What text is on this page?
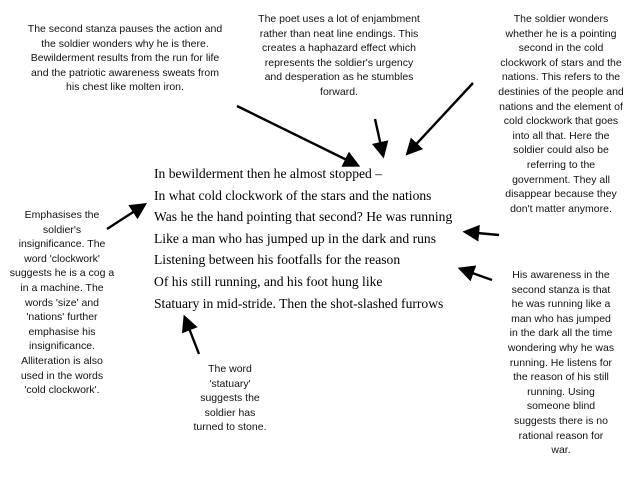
The second stanza pauses the action and
the soldier wonders why he is there.
Bewilderment results from the run for life
and the patriotic awareness sweats from
his chest like molten iron.
The poet uses a lot of enjambment
rather than neat line endings. This
creates a haphazard effect which
represents the soldier's urgency
and desperation as he stumbles
forward.
The soldier wonders
whether he is a pointing
second in the cold
clockwork of stars and the
nations. This refers to the
destinies of the people and
nations and the element of
cold clockwork that goes
into all that. Here the
soldier could also be
referring to the
government. They all
disappear because they
don't matter anymore.
Emphasises the
soldier's
insignificance. The
word 'clockwork'
suggests he is a cog a
in a machine. The
words 'size' and
'nations' further
emphasise his
insignificance.
Alliteration is also
used in the words
'cold clockwork'.
The word
'statuary'
suggests the
soldier has
turned to stone.
His awareness in the
second stanza is that
he was running like a
man who has jumped
in the dark all the time
wondering why he was
running. He listens for
the reason of his still
running. Using
someone blind
suggests there is no
rational reason for
war.
In bewilderment then he almost stopped –
In what cold clockwork of the stars and the nations
Was he the hand pointing that second? He was running
Like a man who has jumped up in the dark and runs
Listening between his footfalls for the reason
Of his still running, and his foot hung like
Statuary in mid-stride. Then the shot-slashed furrows
